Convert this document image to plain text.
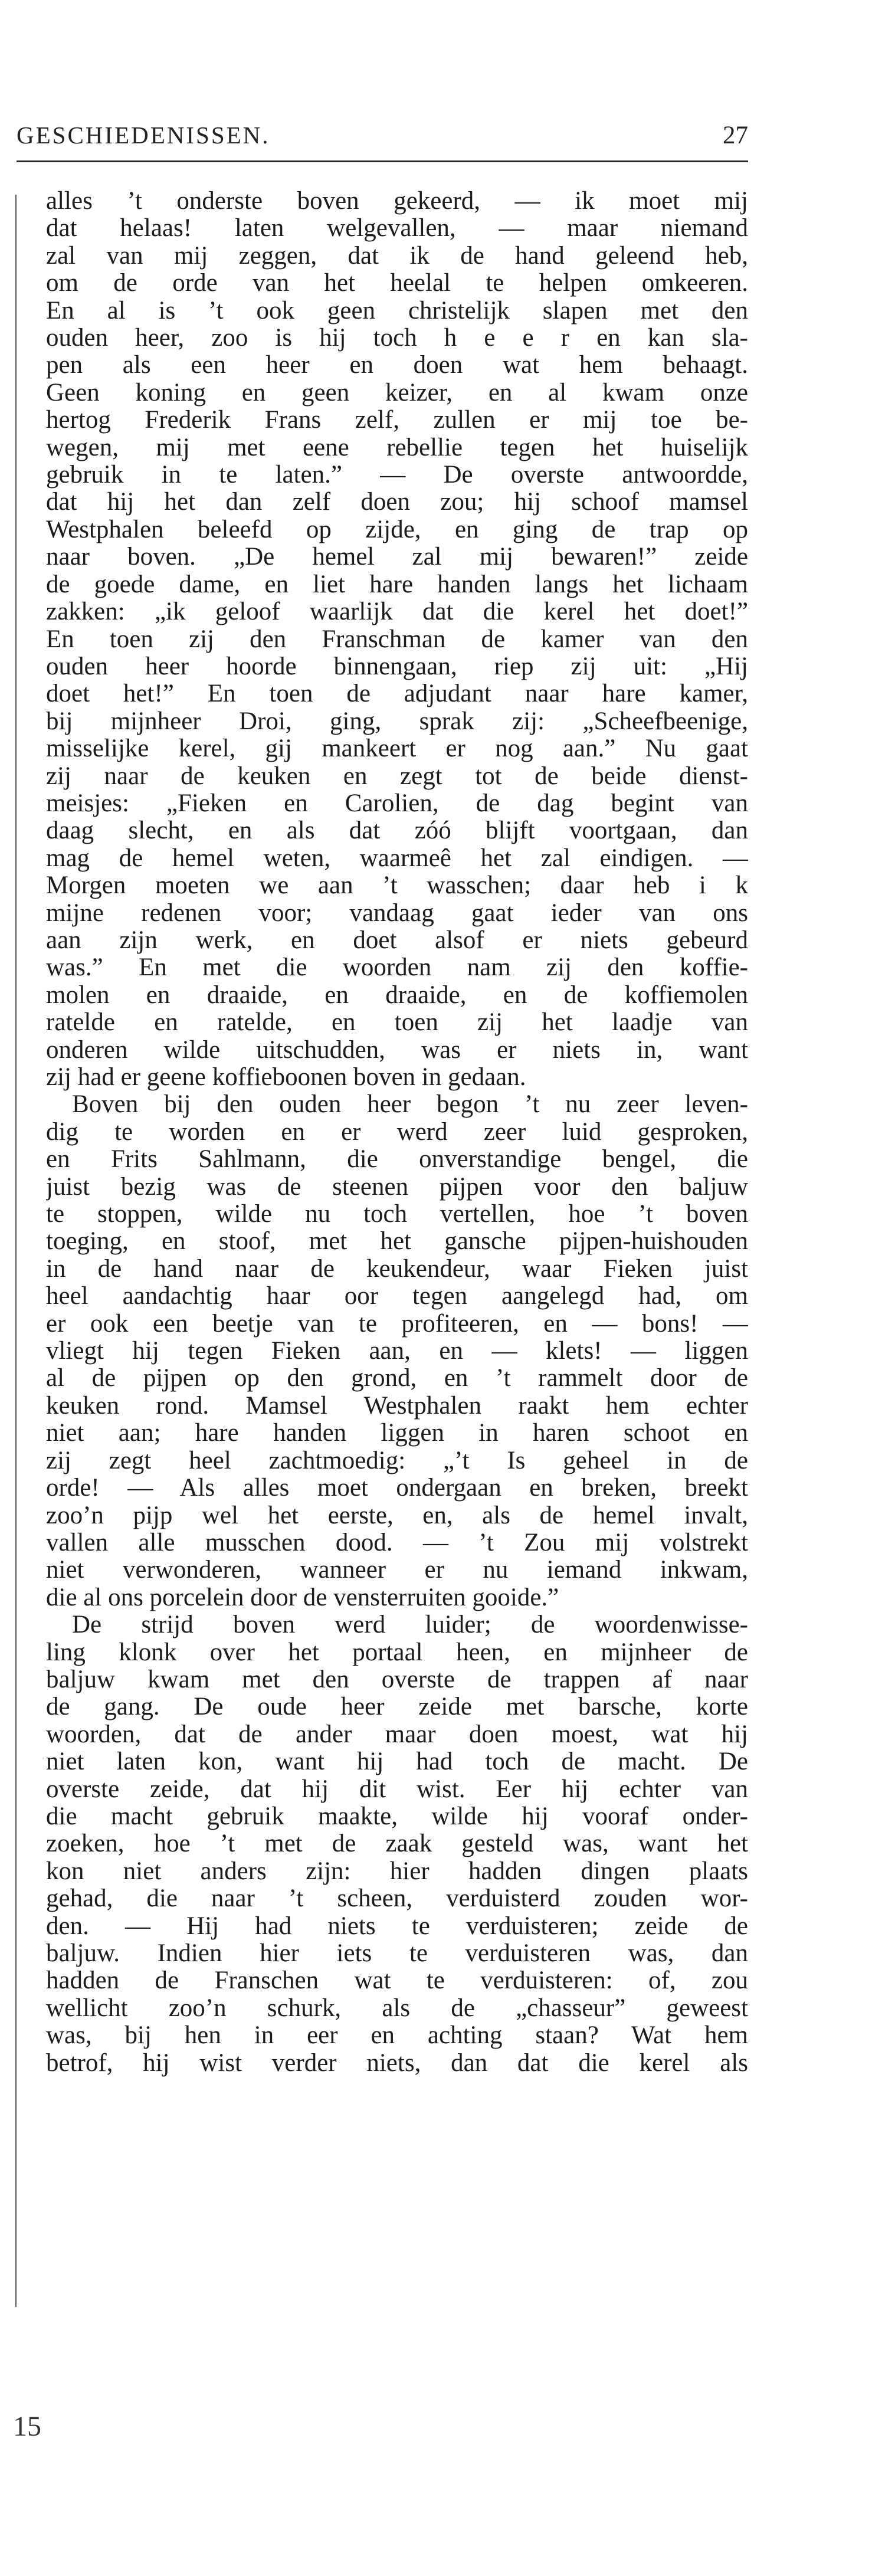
GESCHIEDENISSEN.	27
alles ’t onderste boven gekeerd, — ik moet mij
dat helaas! laten welgevallen, — maar niemand
zal van mij zeggen, dat ik de hand geleend heb,
om de orde van het heelal te helpen omkeeren.
En al is ’t ook geen christelijk slapen met den
ouden heer, zoo is hij toch h e e r en kan sla-
pen als een heer en doen wat hem behaagt.
Geen koning en geen keizer, en al kwam onze
hertog Frederik Frans zelf, zullen er mij toe be-
wegen, mij met eene rebellie tegen het huiselijk
gebruik in te laten.” — De overste antwoordde,
dat hij het dan zelf doen zou; hij schoof mamsel
Westphalen beleefd op zijde, en ging de trap op
naar boven. „De hemel zal mij bewaren!” zeide
de goede dame, en liet hare handen langs het lichaam
zakken: „ik geloof waarlijk dat die kerel het doet!”
En toen zij den Franschman de kamer van den
ouden heer hoorde binnengaan, riep zij uit: „Hij
doet het!” En toen de adjudant naar hare kamer,
bij mijnheer Droi, ging, sprak zij: „Scheefbeenige,
misselijke kerel, gij mankeert er nog aan.” Nu gaat
zij naar de keuken en zegt tot de beide dienst-
meisjes: „Fieken en Carolien, de dag begint van
daag slecht, en als dat zóó blijft voortgaan, dan
mag de hemel weten, waarmeê het zal eindigen. —
Morgen moeten we aan ’t wasschen; daar heb i k
mijne redenen voor; vandaag gaat ieder van ons
aan zijn werk, en doet alsof er niets gebeurd
was.” En met die woorden nam zij den koffie-
molen en draaide, en draaide, en de koffiemolen
ratelde en ratelde, en toen zij het laadje van
onderen wilde uitschudden, was er niets in, want
zij had er geene koffieboonen boven in gedaan.
Boven bij den ouden heer begon ’t nu zeer leven-
dig te worden en er werd zeer luid gesproken,
en Frits Sahlmann, die onverstandige bengel, die
juist bezig was de steenen pijpen voor den baljuw
te stoppen, wilde nu toch vertellen, hoe ’t boven
toeging, en stoof, met het gansche pijpen-huishouden
in de hand naar de keukendeur, waar Fieken juist
heel aandachtig haar oor tegen aangelegd had, om
er ook een beetje van te profiteeren, en — bons! —
vliegt hij tegen Fieken aan, en — klets! — liggen
al de pijpen op den grond, en ’t rammelt door de
keuken rond. Mamsel Westphalen raakt hem echter
niet aan; hare handen liggen in haren schoot en
zij zegt heel zachtmoedig: „’t Is geheel in de
orde! — Als alles moet ondergaan en breken, breekt
zoo’n pijp wel het eerste, en, als de hemel invalt,
vallen alle musschen dood. — ’t Zou mij volstrekt
niet verwonderen, wanneer er nu iemand inkwam,
die al ons porcelein door de vensterruiten gooide.”
De strijd boven werd luider; de woordenwisse-
ling klonk over het portaal heen, en mijnheer de
baljuw kwam met den overste de trappen af naar
de gang. De oude heer zeide met barsche, korte
woorden, dat de ander maar doen moest, wat hij
niet laten kon, want hij had toch de macht. De
overste zeide, dat hij dit wist. Eer hij echter van
die macht gebruik maakte, wilde hij vooraf onder-
zoeken, hoe ’t met de zaak gesteld was, want het
kon niet anders zijn: hier hadden dingen plaats
gehad, die naar ’t scheen, verduisterd zouden wor-
den. — Hij had niets te verduisteren; zeide de
baljuw. Indien hier iets te verduisteren was, dan
hadden de Franschen wat te verduisteren: of, zou
wellicht zoo’n schurk, als de „chasseur” geweest
was, bij hen in eer en achting staan? Wat hem
betrof, hij wist verder niets, dan dat die kerel als
15
